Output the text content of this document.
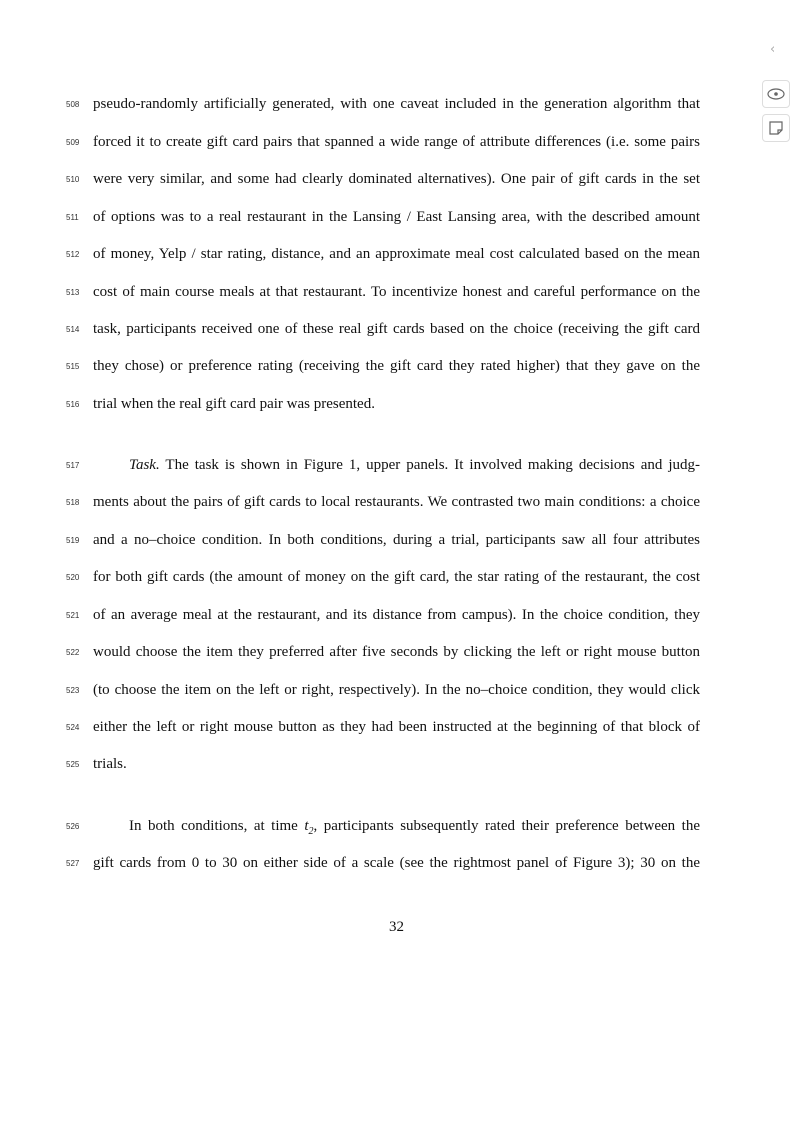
‹
508 pseudo-randomly artificially generated, with one caveat included in the generation algorithm that
509 forced it to create gift card pairs that spanned a wide range of attribute differences (i.e. some pairs
510 were very similar, and some had clearly dominated alternatives). One pair of gift cards in the set
511 of options was to a real restaurant in the Lansing / East Lansing area, with the described amount
512 of money, Yelp / star rating, distance, and an approximate meal cost calculated based on the mean
513 cost of main course meals at that restaurant. To incentivize honest and careful performance on the
514 task, participants received one of these real gift cards based on the choice (receiving the gift card
515 they chose) or preference rating (receiving the gift card they rated higher) that they gave on the
516 trial when the real gift card pair was presented.
517	Task. The task is shown in Figure 1, upper panels. It involved making decisions and judg-
518 ments about the pairs of gift cards to local restaurants. We contrasted two main conditions: a choice
519 and a no–choice condition. In both conditions, during a trial, participants saw all four attributes
520 for both gift cards (the amount of money on the gift card, the star rating of the restaurant, the cost
521 of an average meal at the restaurant, and its distance from campus). In the choice condition, they
522 would choose the item they preferred after five seconds by clicking the left or right mouse button
523 (to choose the item on the left or right, respectively). In the no–choice condition, they would click
524 either the left or right mouse button as they had been instructed at the beginning of that block of
525 trials.
526	In both conditions, at time $t_2$, participants subsequently rated their preference between the
527 gift cards from 0 to 30 on either side of a scale (see the rightmost panel of Figure 3); 30 on the
32
